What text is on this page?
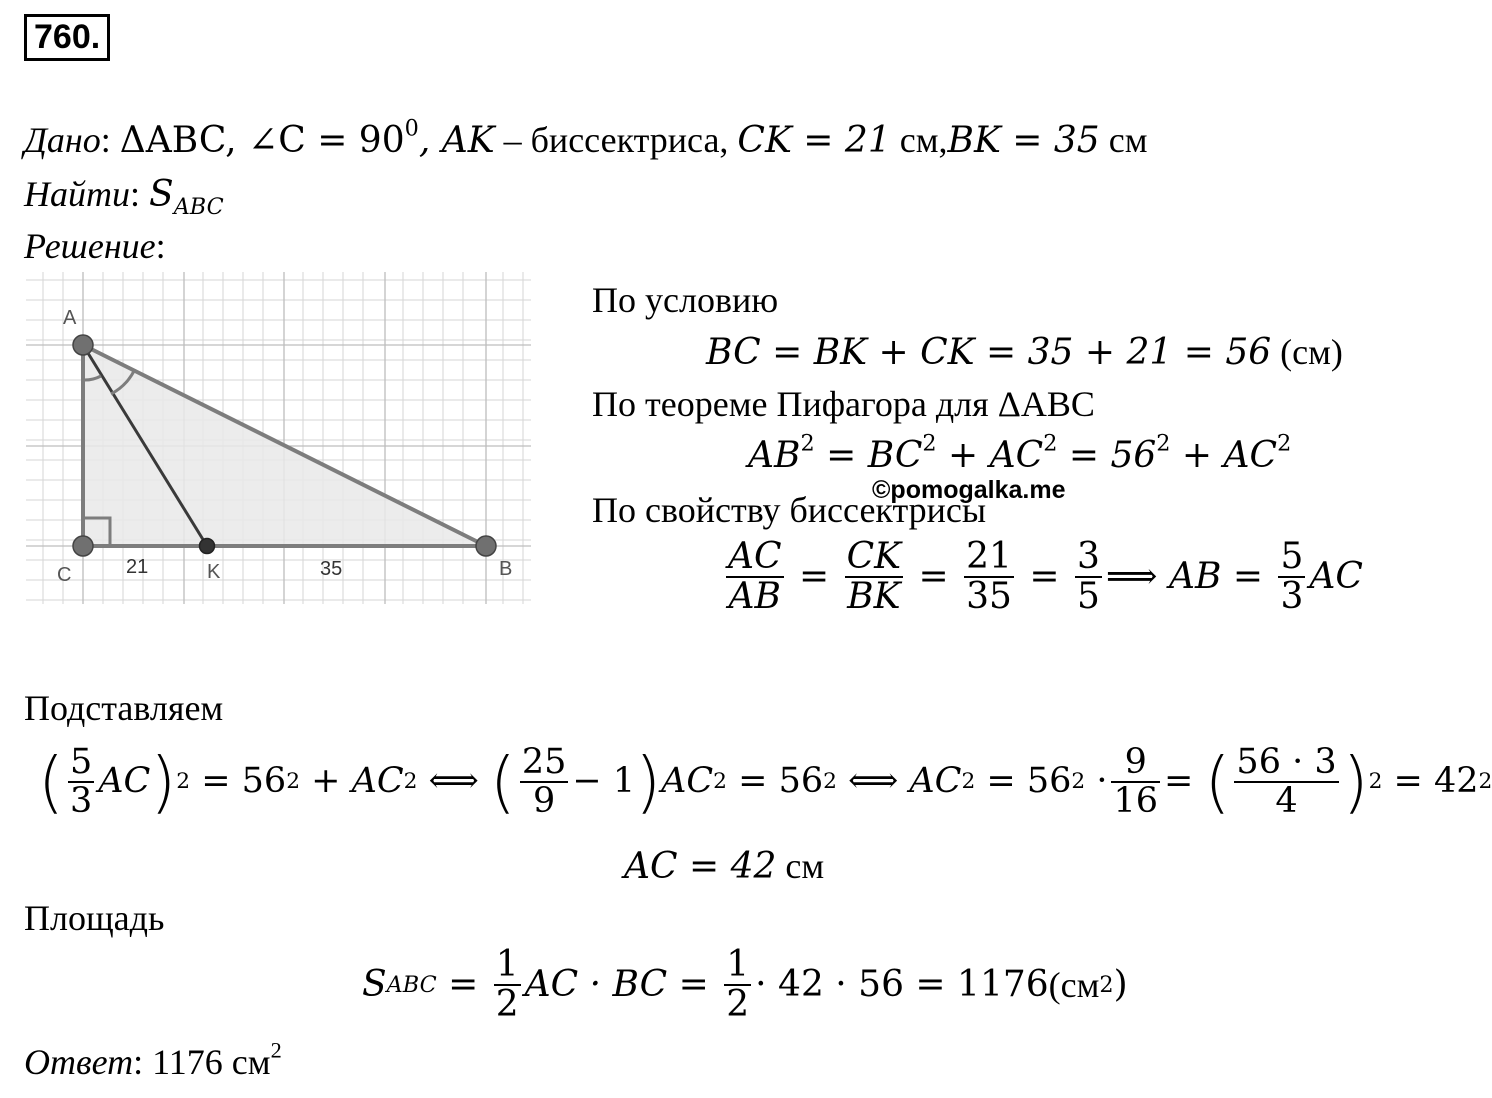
760.
Дано: ΔABC, ∠C = $90^0$, AK – биссектриса, CK = 21 см,BK = 35 см
Найти: $S_{ABC}$
Решение:
A
C	K	B
21	35
По условию
BC = BK + CK = 35 + 21 = 56 (см)
По теореме Пифагора для ΔABC
$AB^2 = BC^2 + AC^2 = 56^2 + AC^2$
По свойству биссектрисы
$\frac{AC}{AB} = \frac{CK}{BK} = \frac{21}{35} = \frac{3}{5}$ ⟹
AB = $\frac{5}{3}$ AC
©pomogalka.me
Подставляем
( $\frac{5}{3}$ AC ) 2 = 56 2 + AC 2
⟺
( $\frac{25}{9} - 1$ ) AC 2 = 56 2
⟺
AC 2 = 56 $2 \cdot \frac{9}{16}$ = ( $\frac{56 \cdot 3}{4}$ ) 2 = 42 2
AC = 42 см
Площадь
S ABC = $\frac{1}{2}$ AC · BC =
$\frac{1}{2} \cdot 42 \cdot 56 = 1176$ (см 2 )
Ответ: 1176 $см^2$
